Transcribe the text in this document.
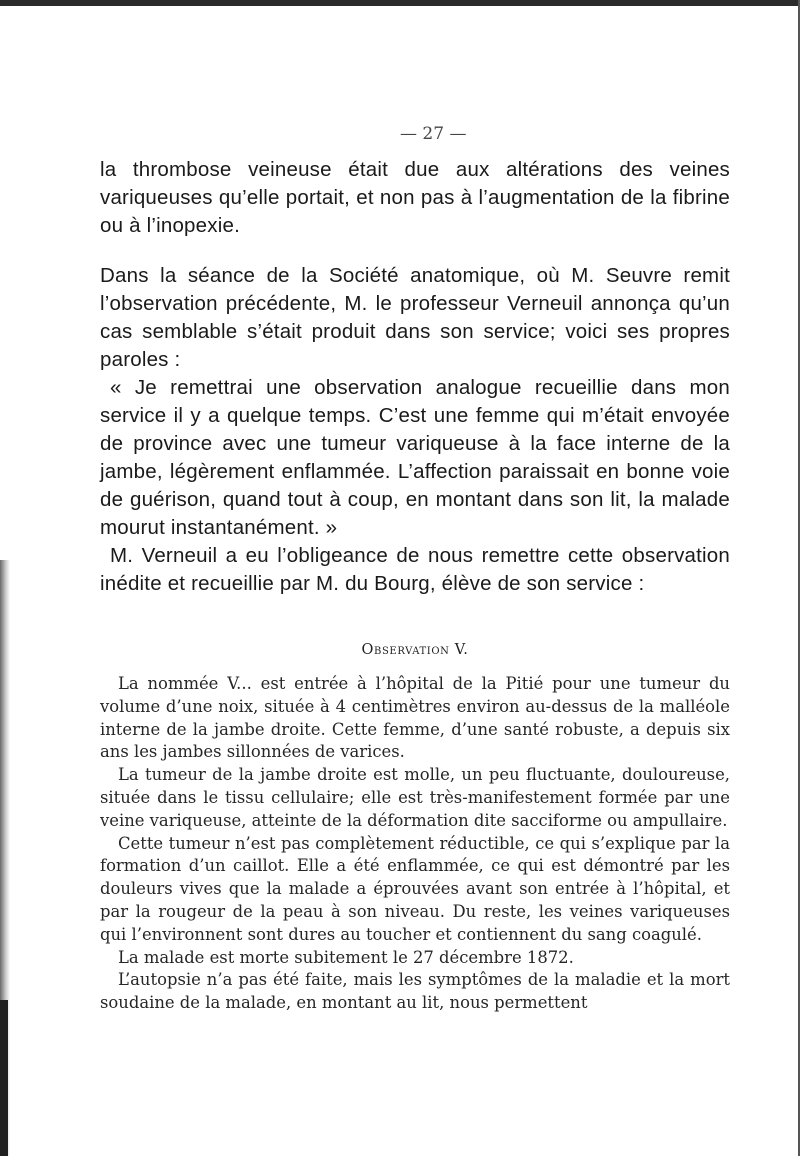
— 27 —

la thrombose veineuse était due aux altérations des veines variqueuses qu’elle portait, et non pas à l’augmentation de la fibrine ou à l’inopexie.

Dans la séance de la Société anatomique, où M. Seuvre remit l’observation précédente, M. le professeur Verneuil annonça qu’un cas semblable s’était produit dans son service; voici ses propres paroles :

« Je remettrai une observation analogue recueillie dans mon service il y a quelque temps. C’est une femme qui m’était envoyée de province avec une tumeur variqueuse à la face interne de la jambe, légèrement enflammée. L’affection paraissait en bonne voie de guérison, quand tout à coup, en montant dans son lit, la malade mourut instantanément. »

M. Verneuil a eu l’obligeance de nous remettre cette observation inédite et recueillie par M. du Bourg, élève de son service :

Observation V.

La nommée V... est entrée à l’hôpital de la Pitié pour une tumeur du volume d’une noix, située à 4 centimètres environ au-dessus de la malléole interne de la jambe droite. Cette femme, d’une santé robuste, a depuis six ans les jambes sillonnées de varices.

La tumeur de la jambe droite est molle, un peu fluctuante, douloureuse, située dans le tissu cellulaire; elle est très-manifestement formée par une veine variqueuse, atteinte de la déformation dite sacciforme ou ampullaire.

Cette tumeur n’est pas complètement réductible, ce qui s’explique par la formation d’un caillot. Elle a été enflammée, ce qui est démontré par les douleurs vives que la malade a éprouvées avant son entrée à l’hôpital, et par la rougeur de la peau à son niveau. Du reste, les veines variqueuses qui l’environnent sont dures au toucher et contiennent du sang coagulé.

La malade est morte subitement le 27 décembre 1872.

L’autopsie n’a pas été faite, mais les symptômes de la maladie et la mort soudaine de la malade, en montant au lit, nous permettent
